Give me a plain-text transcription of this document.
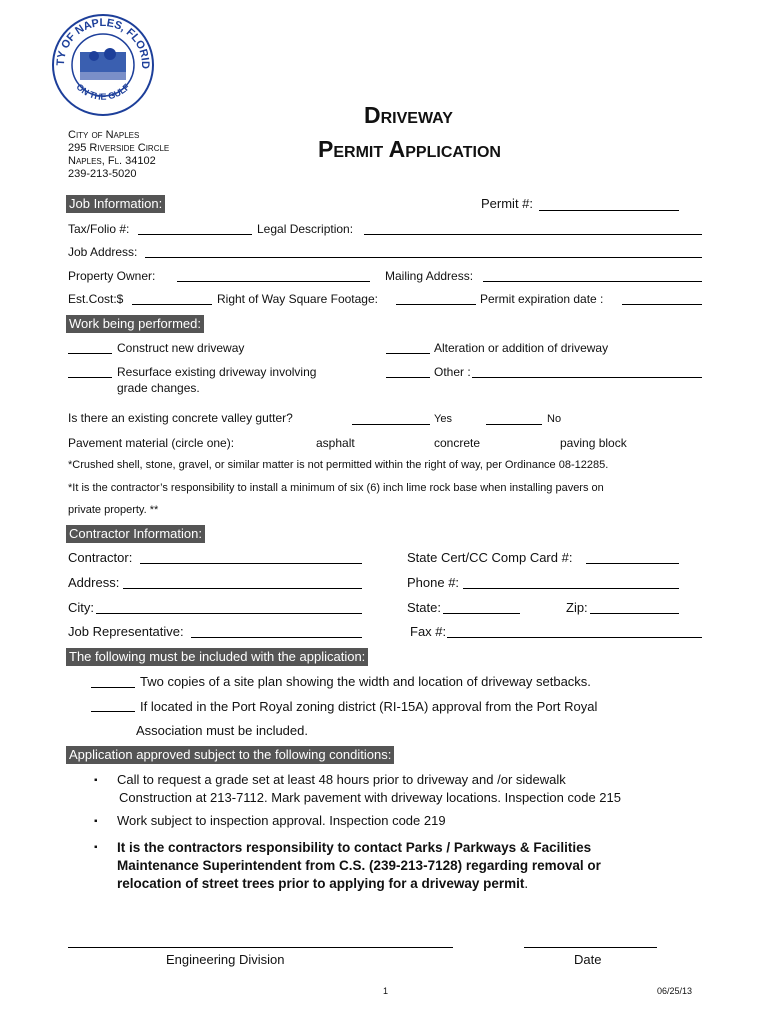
TY OF NAPLES, FLORID
ON THE GULF
City of Naples
295 Riverside Circle
Naples, Fl. 34102
239-213-5020
Driveway
Permit Application
Job Information:	Permit #:
Tax/Folio #:	Legal Description:
Job Address:
Property Owner:	Mailing Address:
Est.Cost:$	Right of Way Square Footage:	Permit expiration date :
Work being performed:
Construct new driveway	Alteration or addition of driveway
Resurface existing driveway involving
grade changes.
Other :
Is there an existing concrete valley gutter?	Yes	No
Pavement material (circle one):	asphalt	concrete	paving block
*Crushed shell, stone, gravel, or similar matter is not permitted within the right of way, per Ordinance 08-12285.
*It is the contractor’s responsibility to install a minimum of six (6) inch lime rock base when installing pavers on
private property. **
Contractor Information:
Contractor:	State Cert/CC Comp Card #:
Address:	Phone #:
City:	State:	Zip:
Job Representative:	Fax #:
The following must be included with the application:
Two copies of a site plan showing the width and location of driveway setbacks.
If located in the Port Royal zoning district (RI-15A) approval from the Port Royal
Association must be included.
Application approved subject to the following conditions:
▪ Call to request a grade set at least 48 hours prior to driveway and /or sidewalk
Construction at 213-7112. Mark pavement with driveway locations. Inspection code 215
▪ Work subject to inspection approval. Inspection code 219
▪ It is the contractors responsibility to contact Parks / Parkways & Facilities
Maintenance Superintendent from C.S. (239-213-7128) regarding removal or
relocation of street trees prior to applying for a driveway permit.
Engineering Division	Date
1	06/25/13
